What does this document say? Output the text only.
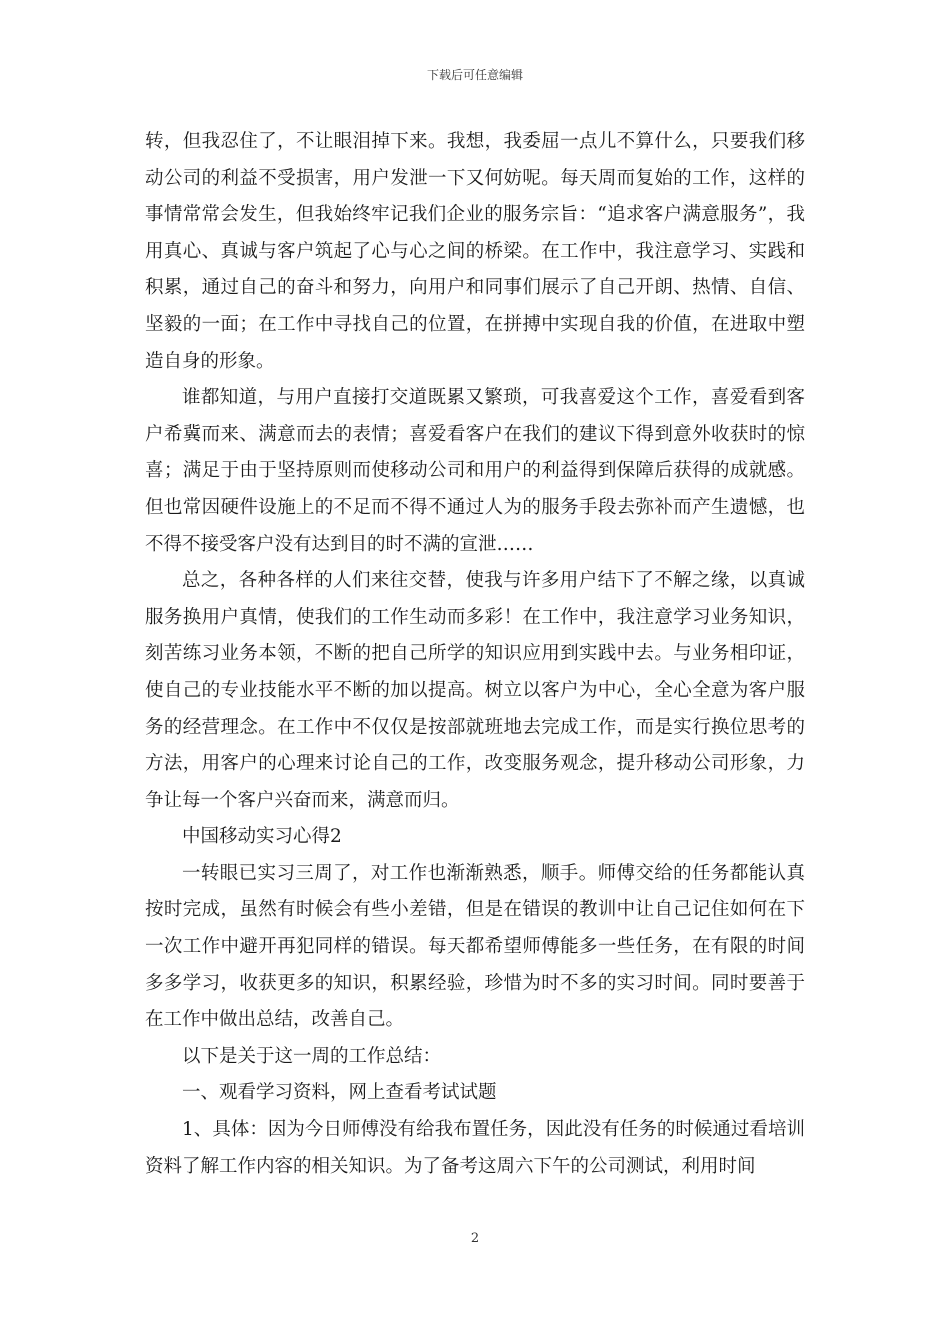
下载后可任意编辑

转，但我忍住了，不让眼泪掉下来。我想，我委屈一点儿不算什么，只要我们移动公司的利益不受损害，用户发泄一下又何妨呢。每天周而复始的工作，这样的事情常常会发生，但我始终牢记我们企业的服务宗旨：“追求客户满意服务”，我用真心、真诚与客户筑起了心与心之间的桥梁。在工作中，我注意学习、实践和积累，通过自己的奋斗和努力，向用户和同事们展示了自己开朗、热情、自信、坚毅的一面；在工作中寻找自己的位置，在拼搏中实现自我的价值，在进取中塑造自身的形象。

谁都知道，与用户直接打交道既累又繁琐，可我喜爱这个工作，喜爱看到客户希冀而来、满意而去的表情；喜爱看客户在我们的建议下得到意外收获时的惊喜；满足于由于坚持原则而使移动公司和用户的利益得到保障后获得的成就感。但也常因硬件设施上的不足而不得不通过人为的服务手段去弥补而产生遗憾，也不得不接受客户没有达到目的时不满的宣泄……

总之，各种各样的人们来往交替，使我与许多用户结下了不解之缘，以真诚服务换用户真情，使我们的工作生动而多彩！在工作中，我注意学习业务知识，刻苦练习业务本领，不断的把自己所学的知识应用到实践中去。与业务相印证，使自己的专业技能水平不断的加以提高。树立以客户为中心，全心全意为客户服务的经营理念。在工作中不仅仅是按部就班地去完成工作，而是实行换位思考的方法，用客户的心理来讨论自己的工作，改变服务观念，提升移动公司形象，力争让每一个客户兴奋而来，满意而归。

中国移动实习心得2

一转眼已实习三周了，对工作也渐渐熟悉，顺手。师傅交给的任务都能认真按时完成，虽然有时候会有些小差错，但是在错误的教训中让自己记住如何在下一次工作中避开再犯同样的错误。每天都希望师傅能多一些任务，在有限的时间多多学习，收获更多的知识，积累经验，珍惜为时不多的实习时间。同时要善于在工作中做出总结，改善自己。

以下是关于这一周的工作总结：

一、观看学习资料，网上查看考试试题

1、具体：因为今日师傅没有给我布置任务，因此没有任务的时候通过看培训资料了解工作内容的相关知识。为了备考这周六下午的公司测试，利用时间

2
